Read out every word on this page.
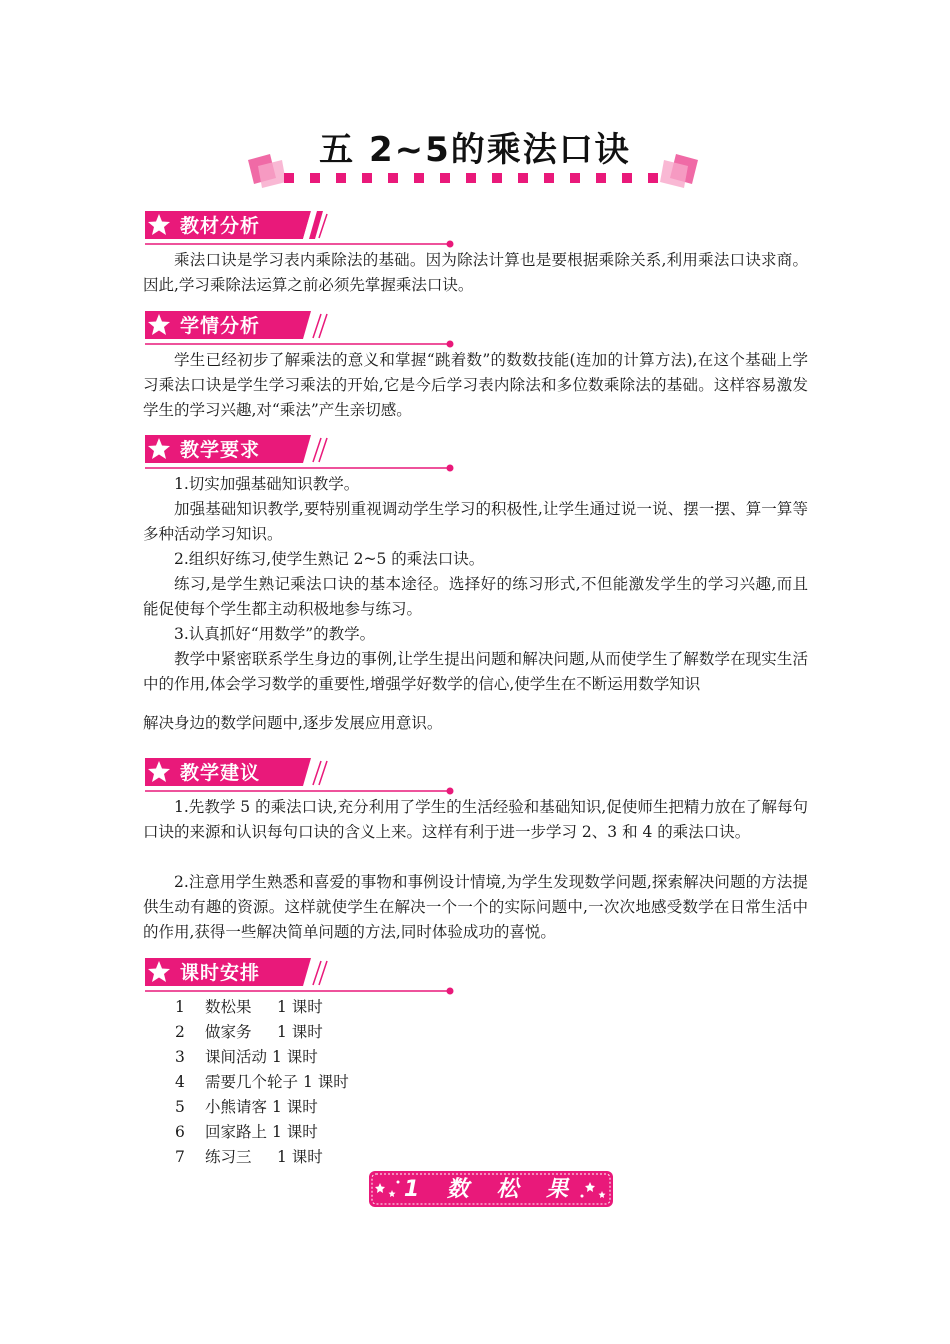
五 2~5的乘法口诀
教材分析

乘法口诀是学习表内乘除法的基础。因为除法计算也是要根据乘除关系,利用乘法口诀求商。因此,学习乘除法运算之前必须先掌握乘法口诀。

学情分析

学生已经初步了解乘法的意义和掌握“跳着数”的数数技能(连加的计算方法),在这个基础上学习乘法口诀是学生学习乘法的开始,它是今后学习表内除法和多位数乘除法的基础。这样容易激发学生的学习兴趣,对“乘法”产生亲切感。

教学要求

1.切实加强基础知识教学。

加强基础知识教学,要特别重视调动学生学习的积极性,让学生通过说一说、摆一摆、算一算等多种活动学习知识。

2.组织好练习,使学生熟记 2~5 的乘法口诀。

练习,是学生熟记乘法口诀的基本途径。选择好的练习形式,不但能激发学生的学习兴趣,而且能促使每个学生都主动积极地参与练习。

3.认真抓好“用数学”的教学。

教学中紧密联系学生身边的事例,让学生提出问题和解决问题,从而使学生了解数学在现实生活中的作用,体会学习数学的重要性,增强学好数学的信心,使学生在不断运用数学知识

解决身边的数学问题中,逐步发展应用意识。

教学建议

1.先教学 5 的乘法口诀,充分利用了学生的生活经验和基础知识,促使师生把精力放在了解每句口诀的来源和认识每句口诀的含义上来。这样有利于进一步学习 2、3 和 4 的乘法口诀。

2.注意用学生熟悉和喜爱的事物和事例设计情境,为学生发现数学问题,探索解决问题的方法提供生动有趣的资源。这样就使学生在解决一个一个的实际问题中,一次次地感受数学在日常生活中的作用,获得一些解决简单问题的方法,同时体验成功的喜悦。

课时安排
1 数松果 1 课时
2 做家务 1 课时
3 课间活动 1 课时
4 需要几个轮子 1 课时
5 小熊请客 1 课时
6 回家路上 1 课时
7 练习三 1 课时
1 数 松 果
